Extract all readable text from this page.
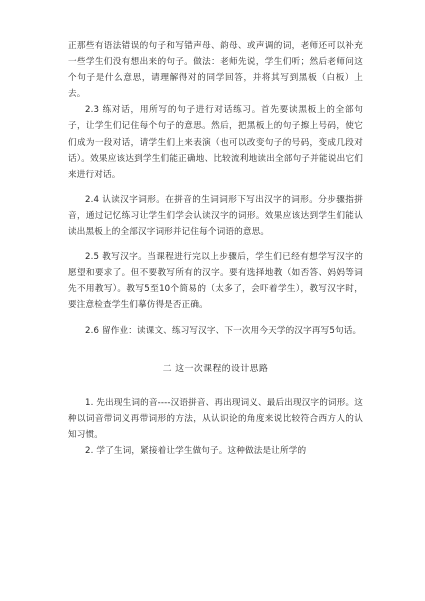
正那些有语法错误的句子和写错声母、韵母、或声调的词，老师还可以补充一些学生们没有想出来的句子。做法：老师先说，学生们听；然后老师问这个句子是什么意思，请理解得对的同学回答，并将其写到黑板（白板）上去。

2.3 练对话，用所写的句子进行对话练习。首先要读黑板上的全部句子，让学生们记住每个句子的意思。然后，把黑板上的句子擦上号码，使它们成为一段对话，请学生们上来表演（也可以改变句子的号码，变成几段对话）。效果应该达到学生们能正确地、比较流利地读出全部句子并能说出它们来进行对话。

2.4 认读汉字词形。在拼音的生词词形下写出汉字的词形。分步骤指拼音，通过记忆练习让学生们学会认读汉字的词形。效果应该达到学生们能认读出黑板上的全部汉字词形并记住每个词语的意思。

2.5 教写汉字。当课程进行完以上步骤后，学生们已经有想学写汉字的愿望和要求了。但不要教写所有的汉字。要有选择地教（如否答、妈妈等词先不用教写）。教写5至10个简易的（太多了，会吓着学生），教写汉字时，要注意检查学生们摹仿得是否正确。

2.6 留作业：读课文、练习写汉字、下一次用今天学的汉字再写5句话。

二 这一次课程的设计思路

1. 先出现生词的音----汉语拼音、再出现词义、最后出现汉字的词形。这种以词音带词义再带词形的方法，从认识论的角度来说比较符合西方人的认知习惯。

2. 学了生词，紧接着让学生做句子。这种做法是让所学的
